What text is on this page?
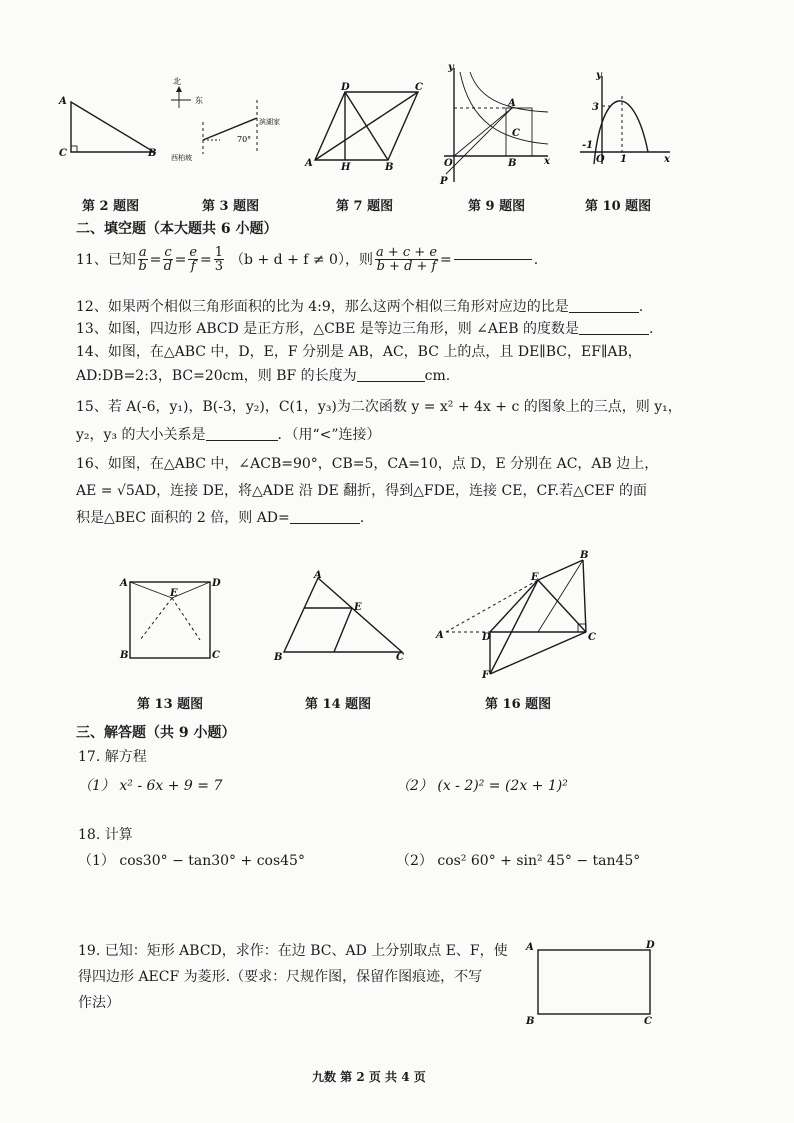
A
C	B
北
东
70°
西柏坡
滨湖家
A
D	C
B
H
y
x
A
B
C
O
P
y
x
3
1
-1
O
第 2 题图	第 3 题图	第 7 题图	第 9 题图	第 10 题图
二、填空题（本大题共 6 小题）
11、已知 $\frac{a}{b} = \frac{c}{d} = \frac{e}{f} = \frac{1}{3} (b + d + f \ne 0)$，则 $\frac{a + c + e}{b + d + f}$ =	.
12、如果两个相似三角形面积的比为 4:9，那么这两个相似三角形对应边的比是	.
13、如图，四边形 ABCD 是正方形，△CBE 是等边三角形，则 ∠AEB 的度数是	.
14、如图，在△ABC 中，D，E，F 分别是 AB，AC，BC 上的点，且 DE∥BC，EF∥AB，
AD:DB=2:3，BC=20cm，则 BF 的长度为	cm.
15、若 A(-6，y₁)，B(-3，y₂)，C(1，y₃)为二次函数 y = x² + 4x + c 的图象上的三点，则 y₁，
y₂，y₃ 的大小关系是	．（用“<”连接）
16、如图，在△ABC 中，∠ACB=90°，CB=5，CA=10，点 D，E 分别在 AC，AB 边上，
AE = √5AD，连接 DE，将△ADE 沿 DE 翻折，得到△FDE，连接 CE，CF.若△CEF 的面
积是△BEC 面积的 2 倍，则 AD=	.
A	D
E
B	C
A
E
B	C
A
B
C
D
E
F
第 13 题图	第 14 题图	第 16 题图
三、解答题（共 9 小题）
17. 解方程
（1） x² - 6x + 9 = 7	（2） (x - 2)² = (2x + 1)²
18. 计算
（1） cos30° − tan30° + cos45°	（2） cos² 60° + sin² 45° − tan45°
19. 已知：矩形 ABCD，求作：在边 BC、AD 上分别取点 E、F，使
得四边形 AECF 为菱形.（要求：尺规作图，保留作图痕迹，不写
作法）
A	D
B	C
九数 第 2 页 共 4 页
